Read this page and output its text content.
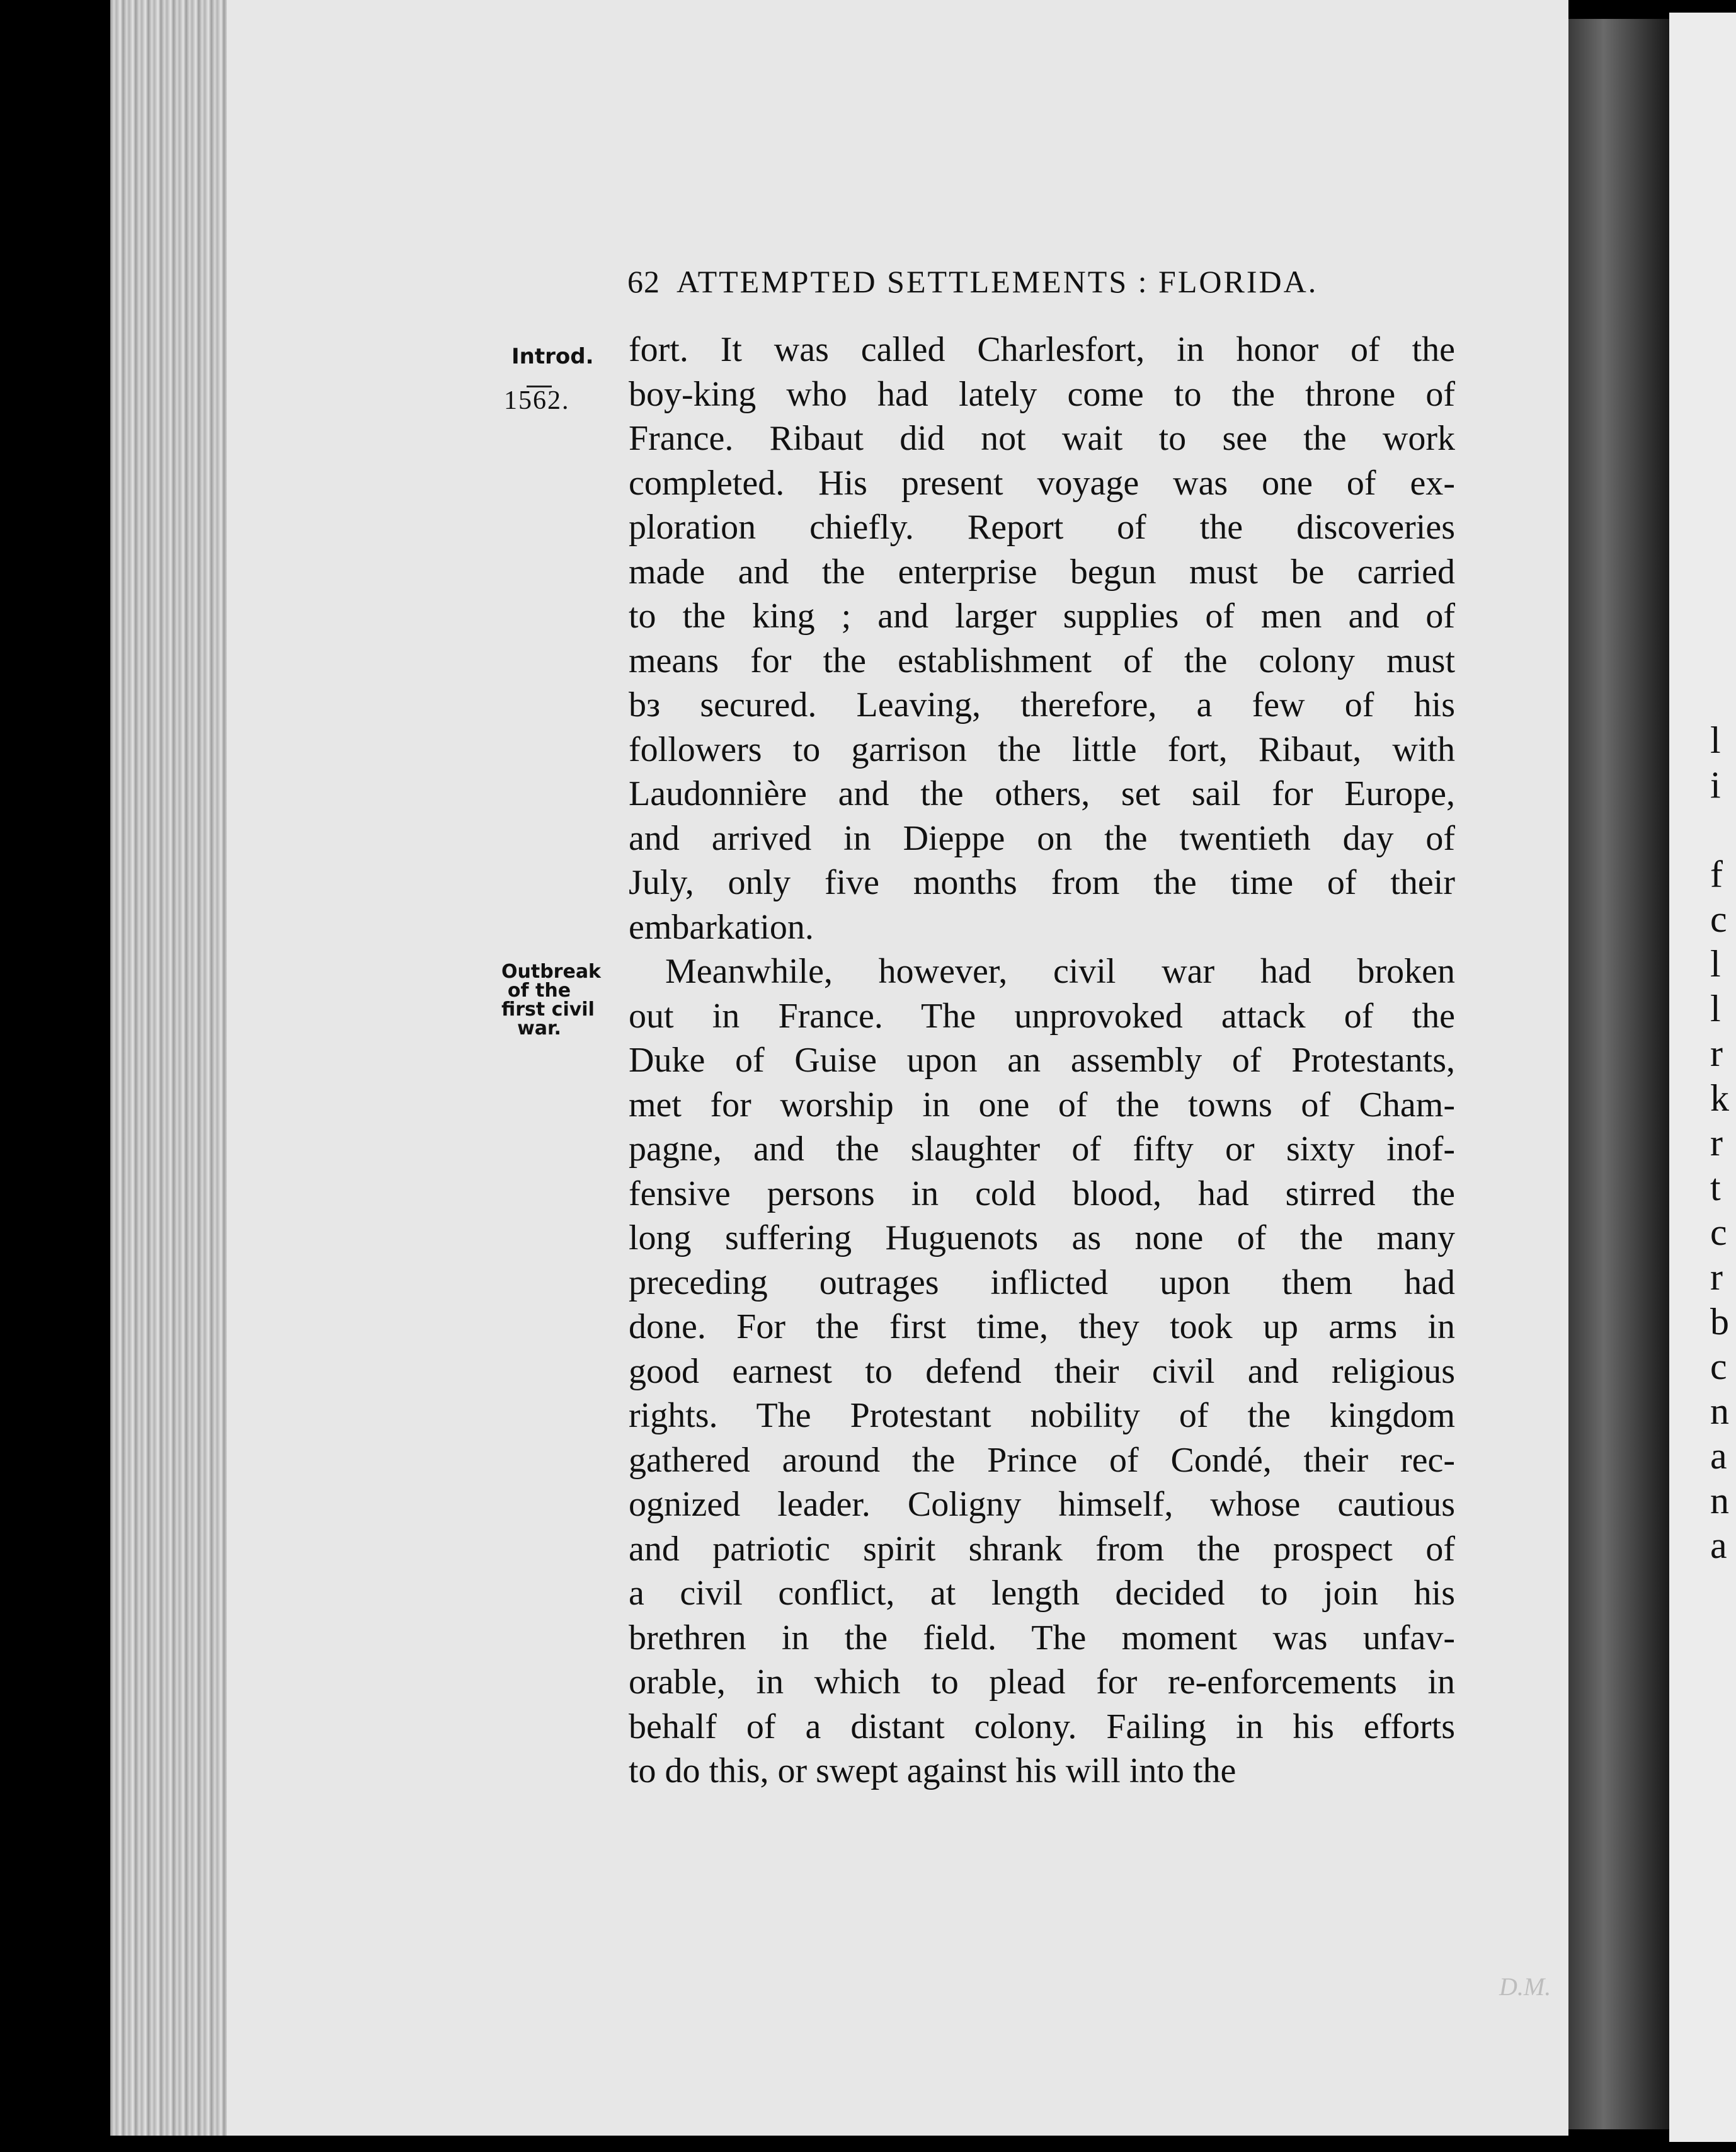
l
i
f
c
l
l
r
k
r
t
c
r
b
c
n
a
n
a
62 ATTEMPTED SETTLEMENTS : FLORIDA.
Introd.
1562.
Outbreak
of the
first civil
war.
fort. It was called Charlesfort, in honor of the
boy-king who had lately come to the throne of
France. Ribaut did not wait to see the work
completed. His present voyage was one of ex-
ploration chiefly. Report of the discoveries
made and the enterprise begun must be carried
to the king ; and larger supplies of men and of
means for the establishment of the colony must
bз secured. Leaving, therefore, a few of his
followers to garrison the little fort, Ribaut, with
Laudonnière and the others, set sail for Europe,
and arrived in Dieppe on the twentieth day of
July, only five months from the time of their
embarkation.
Meanwhile, however, civil war had broken
out in France. The unprovoked attack of the
Duke of Guise upon an assembly of Protestants,
met for worship in one of the towns of Cham-
pagne, and the slaughter of fifty or sixty inof-
fensive persons in cold blood, had stirred the
long suffering Huguenots as none of the many
preceding outrages inflicted upon them had
done. For the first time, they took up arms in
good earnest to defend their civil and religious
rights. The Protestant nobility of the kingdom
gathered around the Prince of Condé, their rec-
ognized leader. Coligny himself, whose cautious
and patriotic spirit shrank from the prospect of
a civil conflict, at length decided to join his
brethren in the field. The moment was unfav-
orable, in which to plead for re-enforcements in
behalf of a distant colony. Failing in his efforts
to do this, or swept against his will into the
D.M.
